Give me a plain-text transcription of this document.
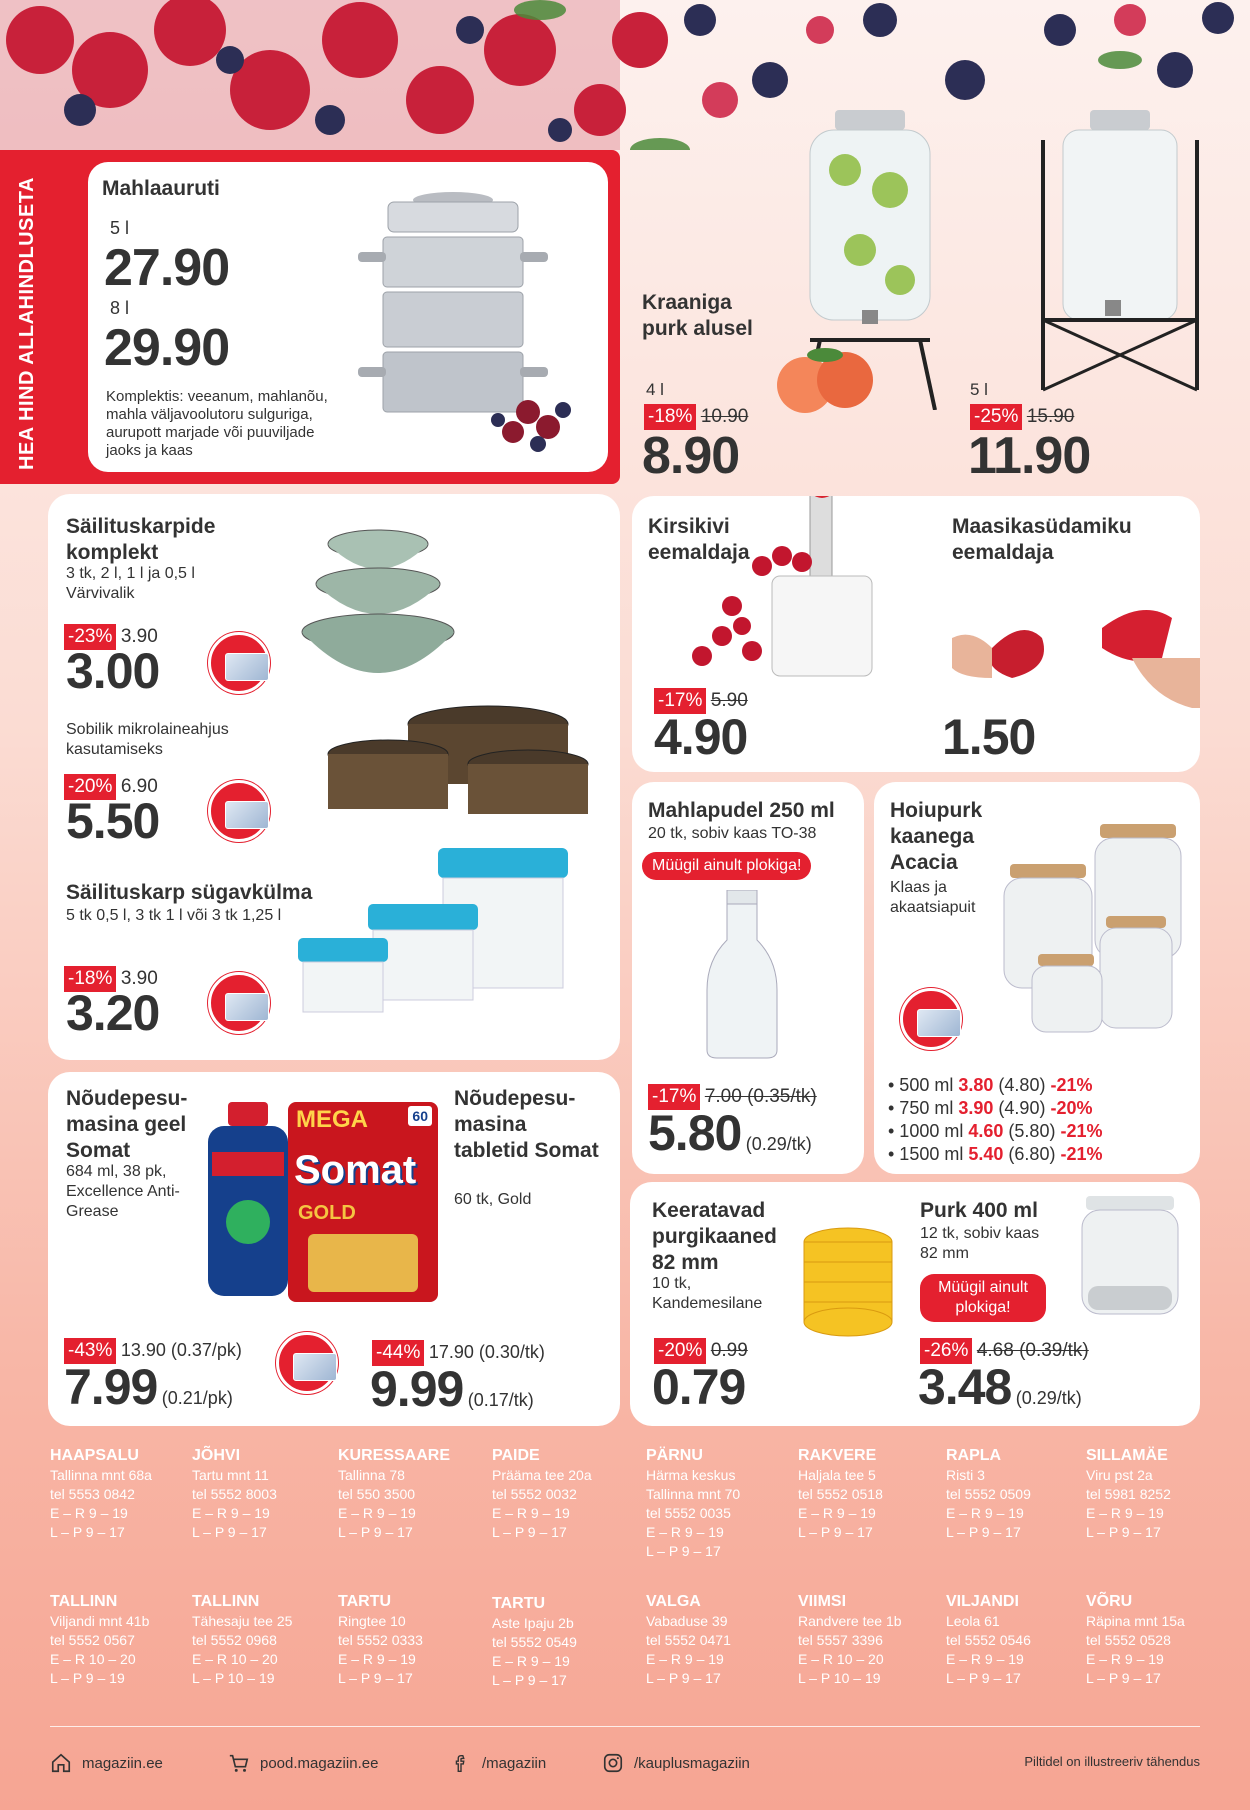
HEA HIND ALLAHINDLUSETA	Mahlaauruti
5 l
27.90
8 l
29.90
Komplektis: veeanum, mahlanõu, mahla väljavoolutoru sulguriga, aurupott marjade või puuviljade jaoks ja kaas
Kraaniga purk alusel
4 l
-18% 10.90
8.90
5 l
-25% 15.90
11.90
Säilituskarpide komplekt
3 tk, 2 l, 1 l ja 0,5 l
Värvivalik
-23% 3.90
3.00
Sobilik mikrolaineahjus kasutamiseks
-20% 6.90
5.50
Säilituskarp sügavkülma
5 tk 0,5 l, 3 tk 1 l või 3 tk 1,25 l
-18% 3.90
3.20
Kirsikivi eemaldaja
-17% 5.90
4.90
Maasikasüdamiku eemaldaja
1.50
Mahlapudel 250 ml
20 tk, sobiv kaas TO-38
Müügil ainult plokiga!
-17% 7.00 (0.35/tk)
5.80 (0.29/tk)
Hoiupurk kaanega Acacia
Klaas ja akaatsiapuit
• 500 ml 3.80 (4.80) -21%
• 750 ml 3.90 (4.90) -20%
• 1000 ml 4.60 (5.80) -21%
• 1500 ml 5.40 (6.80) -21%
Nõudepesu-masina geel Somat
684 ml, 38 pk, Excellence Anti-Grease
MEGA	60
Somat
GOLD
Nõudepesu-masina tabletid Somat
60 tk, Gold
-43% 13.90 (0.37/pk)
7.99 (0.21/pk)
-44% 17.90 (0.30/tk)
9.99 (0.17/tk)
Keeratavad purgikaaned 82 mm
10 tk, Kandemesilane
Purk 400 ml
12 tk, sobiv kaas 82 mm
Müügil ainult plokiga!
-20% 0.99
0.79
-26% 4.68 (0.39/tk)
3.48 (0.29/tk)
HAAPSALU
Tallinna mnt 68a
tel 5553 0842
E – R 9 – 19
L – P 9 – 17
JÕHVI
Tartu mnt 11
tel 5552 8003
E – R 9 – 19
L – P 9 – 17
KURESSAARE
Tallinna 78
tel 550 3500
E – R 9 – 19
L – P 9 – 17
PAIDE
Prääma tee 20a
tel 5552 0032
E – R 9 – 19
L – P 9 – 17
PÄRNU
Härma keskus
Tallinna mnt 70
tel 5552 0035
E – R 9 – 19
L – P 9 – 17
RAKVERE
Haljala tee 5
tel 5552 0518
E – R 9 – 19
L – P 9 – 17
RAPLA
Risti 3
tel 5552 0509
E – R 9 – 19
L – P 9 – 17
SILLAMÄE
Viru pst 2a
tel 5981 8252
E – R 9 – 19
L – P 9 – 17
TALLINN
Viljandi mnt 41b
tel 5552 0567
E – R 10 – 20
L – P 9 – 19
TALLINN
Tähesaju tee 25
tel 5552 0968
E – R 10 – 20
L – P 10 – 19
TARTU
Ringtee 10
tel 5552 0333
E – R 9 – 19
L – P 9 – 17
TARTU
Aste Ipaju 2b
tel 5552 0549
E – R 9 – 19
L – P 9 – 17
VALGA
Vabaduse 39
tel 5552 0471
E – R 9 – 19
L – P 9 – 17
VIIMSI
Randvere tee 1b
tel 5557 3396
E – R 10 – 20
L – P 10 – 19
VILJANDI
Leola 61
tel 5552 0546
E – R 9 – 19
L – P 9 – 17
VÕRU
Räpina mnt 15a
tel 5552 0528
E – R 9 – 19
L – P 9 – 17
magaziin.ee	pood.magaziin.ee	/magaziin	/kauplusmagaziin	Piltidel on illustreeriv tähendus
